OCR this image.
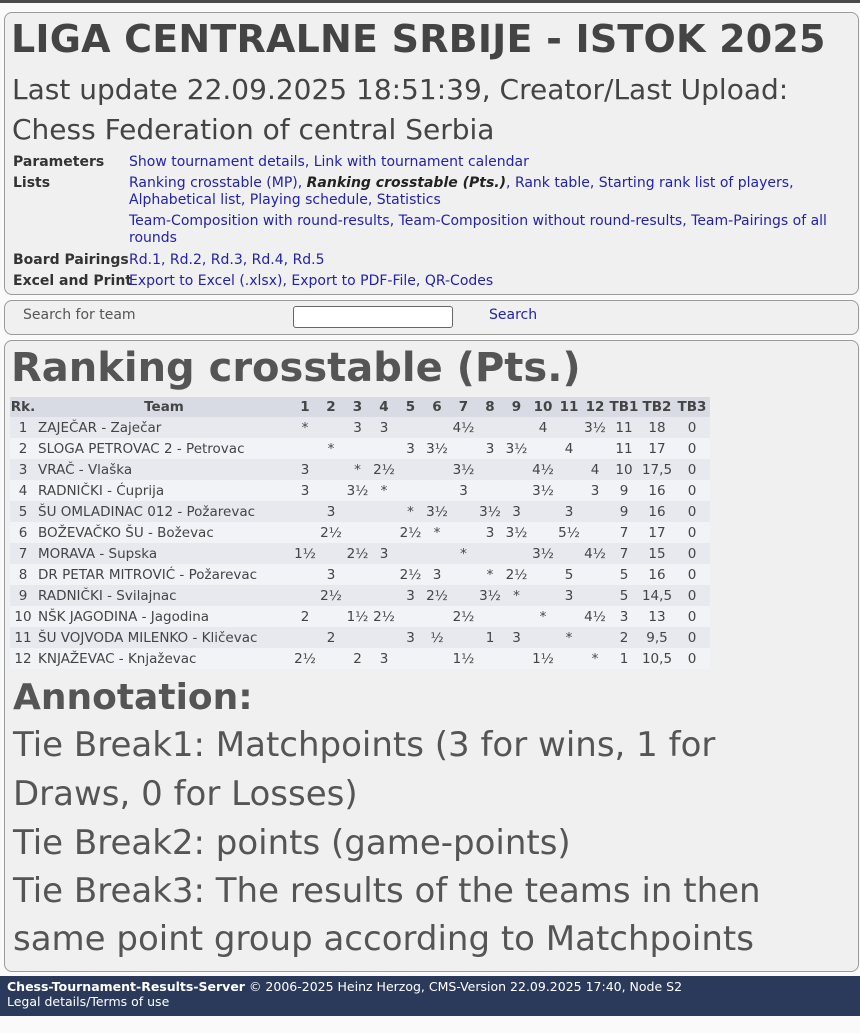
LIGA CENTRALNE SRBIJE - ISTOK 2025
Last update 22.09.2025 18:51:39, Creator/Last Upload:
Chess Federation of central Serbia
Parameters	Show tournament details, Link with tournament calendar
Lists	Ranking crosstable (MP), Ranking crosstable (Pts.), Rank table, Starting rank list of players, Alphabetical list, Playing schedule, Statistics

Team-Composition with round-results, Team-Composition without round-results, Team-Pairings of all rounds
Board Pairings Rd.1, Rd.2, Rd.3, Rd.4, Rd.5
Excel and Print
Export to Excel (.xlsx), Export to PDF-File, QR-Codes
Search for team	Search
Ranking crosstable (Pts.)
Rk.	Team	1	2	3	4	5	6	7	8	9	10	11	12	TB1	TB2	TB3
1	ZAJEČAR - Zaječar	*		3	3			4½			4		3½	11	18	0
2	SLOGA PETROVAC 2 - Petrovac		*			3	3½		3	3½		4		11	17	0
3	VRAČ - Vlaška	3		*	2½			3½			4½		4	10	17,5	0
4	RADNIČKI - Ćuprija	3		3½	*			3			3½		3	9	16	0
5	ŠU OMLADINAC 012 - Požarevac		3			*	3½		3½	3		3		9	16	0
6	BOŽEVAČKO ŠU - Boževac		2½			2½	*		3	3½		5½		7	17	0
7	MORAVA - Supska	1½		2½	3			*			3½		4½	7	15	0
8	DR PETAR MITROVIĆ - Požarevac		3			2½	3		*	2½		5		5	16	0
9	RADNIČKI - Svilajnac		2½			3	2½		3½	*		3		5	14,5	0
10	NŠK JAGODINA - Jagodina	2		1½	2½			2½			*		4½	3	13	0
11	ŠU VOJVODA MILENKO - Kličevac		2			3	½		1	3		*		2	9,5	0
12	KNJAŽEVAC - Knjaževac	2½		2	3			1½			1½		*	1	10,5	0
Annotation:
Tie Break1: Matchpoints (3 for wins, 1 for
Draws, 0 for Losses)
Tie Break2: points (game-points)
Tie Break3: The results of the teams in then
same point group according to Matchpoints
Chess-Tournament-Results-Server © 2006-2025 Heinz Herzog, CMS-Version 22.09.2025 17:40, Node S2
Legal details/Terms of use
